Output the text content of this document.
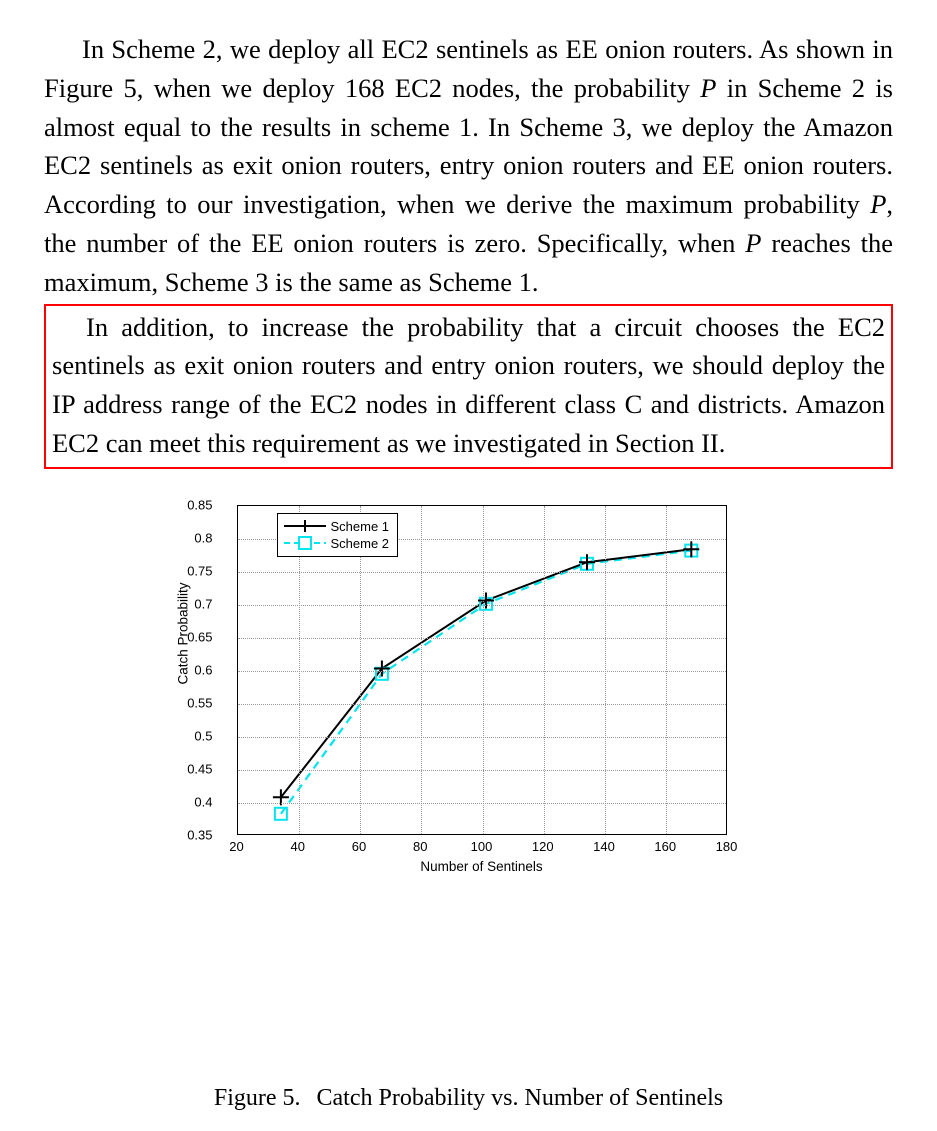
In Scheme 2, we deploy all EC2 sentinels as EE onion routers. As shown in Figure 5, when we deploy 168 EC2 nodes, the probability P in Scheme 2 is almost equal to the results in scheme 1. In Scheme 3, we deploy the Amazon EC2 sentinels as exit onion routers, entry onion routers and EE onion routers. According to our investigation, when we derive the maximum probability P, the number of the EE onion routers is zero. Specifically, when P reaches the maximum, Scheme 3 is the same as Scheme 1.

In addition, to increase the probability that a circuit chooses the EC2 sentinels as exit onion routers and entry onion routers, we should deploy the IP address range of the EC2 nodes in different class C and districts. Amazon EC2 can meet this requirement as we investigated in Section II.

Scheme 1
Scheme 2
0.35
0.4
0.45
0.5
0.55
0.6
0.65
0.7
0.75
0.8
0.85
20	40	60	80	100	120	140	160	180
Number of Sentinels
Catch Probability
Figure 5. Catch Probability vs. Number of Sentinels
